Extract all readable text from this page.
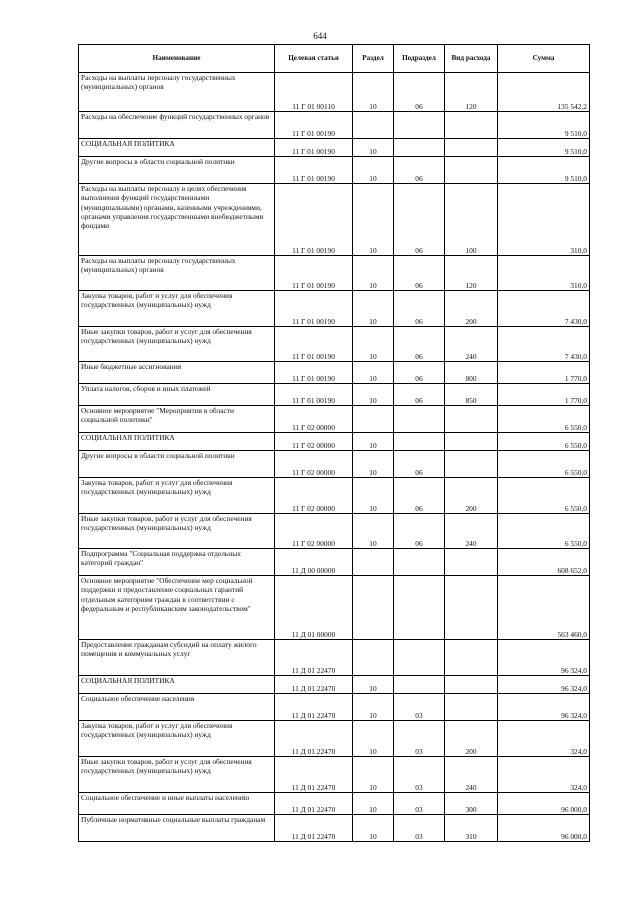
644
Наименование	Целевая статья	Раздел	Подраздел	Вид расхода	Сумма
Расходы на выплаты персоналу государственных (муниципальных) органов	11 Г 01 00110	10	06	120	135 542,2
Расходы на обеспечение функций государственных органов	11 Г 01 00190				9 510,0
СОЦИАЛЬНАЯ ПОЛИТИКА	11 Г 01 00190	10			9 510,0
Другие вопросы в области социальной политики	11 Г 01 00190	10	06		9 510,0
Расходы на выплаты персоналу в целях обеспечения выполнения функций государственными (муниципальными) органами, казенными учреждениями, органами управления государственными внебюджетными фондами	11 Г 01 00190	10	06	100	310,0
Расходы на выплаты персоналу государственных (муниципальных) органов	11 Г 01 00190	10	06	120	310,0
Закупка товаров, работ и услуг для обеспечения государственных (муниципальных) нужд	11 Г 01 00190	10	06	200	7 430,0
Иные закупки товаров, работ и услуг для обеспечения государственных (муниципальных) нужд	11 Г 01 00190	10	06	240	7 430,0
Иные бюджетные ассигнования	11 Г 01 00190	10	06	800	1 770,0
Уплата налогов, сборов и иных платежей	11 Г 01 00190	10	06	850	1 770,0
Основное мероприятие "Мероприятия в области социальной политики"	11 Г 02 00000				6 550,0
СОЦИАЛЬНАЯ ПОЛИТИКА	11 Г 02 00000	10			6 550,0
Другие вопросы в области социальной политики	11 Г 02 00000	10	06		6 550,0
Закупка товаров, работ и услуг для обеспечения государственных (муниципальных) нужд	11 Г 02 00000	10	06	200	6 550,0
Иные закупки товаров, работ и услуг для обеспечения государственных (муниципальных) нужд	11 Г 02 00000	10	06	240	6 550,0
Подпрограмма "Социальная поддержка отдельных категорий граждан"	11 Д 00 00000				608 652,0
Основное мероприятие "Обеспечение мер социальной поддержки и предоставление социальных гарантий отдельным категориям граждан в соответствии с федеральным и республиканским законодательством"	11 Д 01 00000				563 460,0
Предоставление гражданам субсидий на оплату жилого помещения и коммунальных услуг	11 Д 01 22470				96 324,0
СОЦИАЛЬНАЯ ПОЛИТИКА	11 Д 01 22470	10			96 324,0
Социальное обеспечение населения	11 Д 01 22470	10	03		96 324,0
Закупка товаров, работ и услуг для обеспечения государственных (муниципальных) нужд	11 Д 01 22470	10	03	200	324,0
Иные закупки товаров, работ и услуг для обеспечения государственных (муниципальных) нужд	11 Д 01 22470	10	03	240	324,0
Социальное обеспечение и иные выплаты населению	11 Д 01 22470	10	03	300	96 000,0
Публичные нормативные социальные выплаты гражданам	11 Д 01 22470	10	03	310	96 000,0
